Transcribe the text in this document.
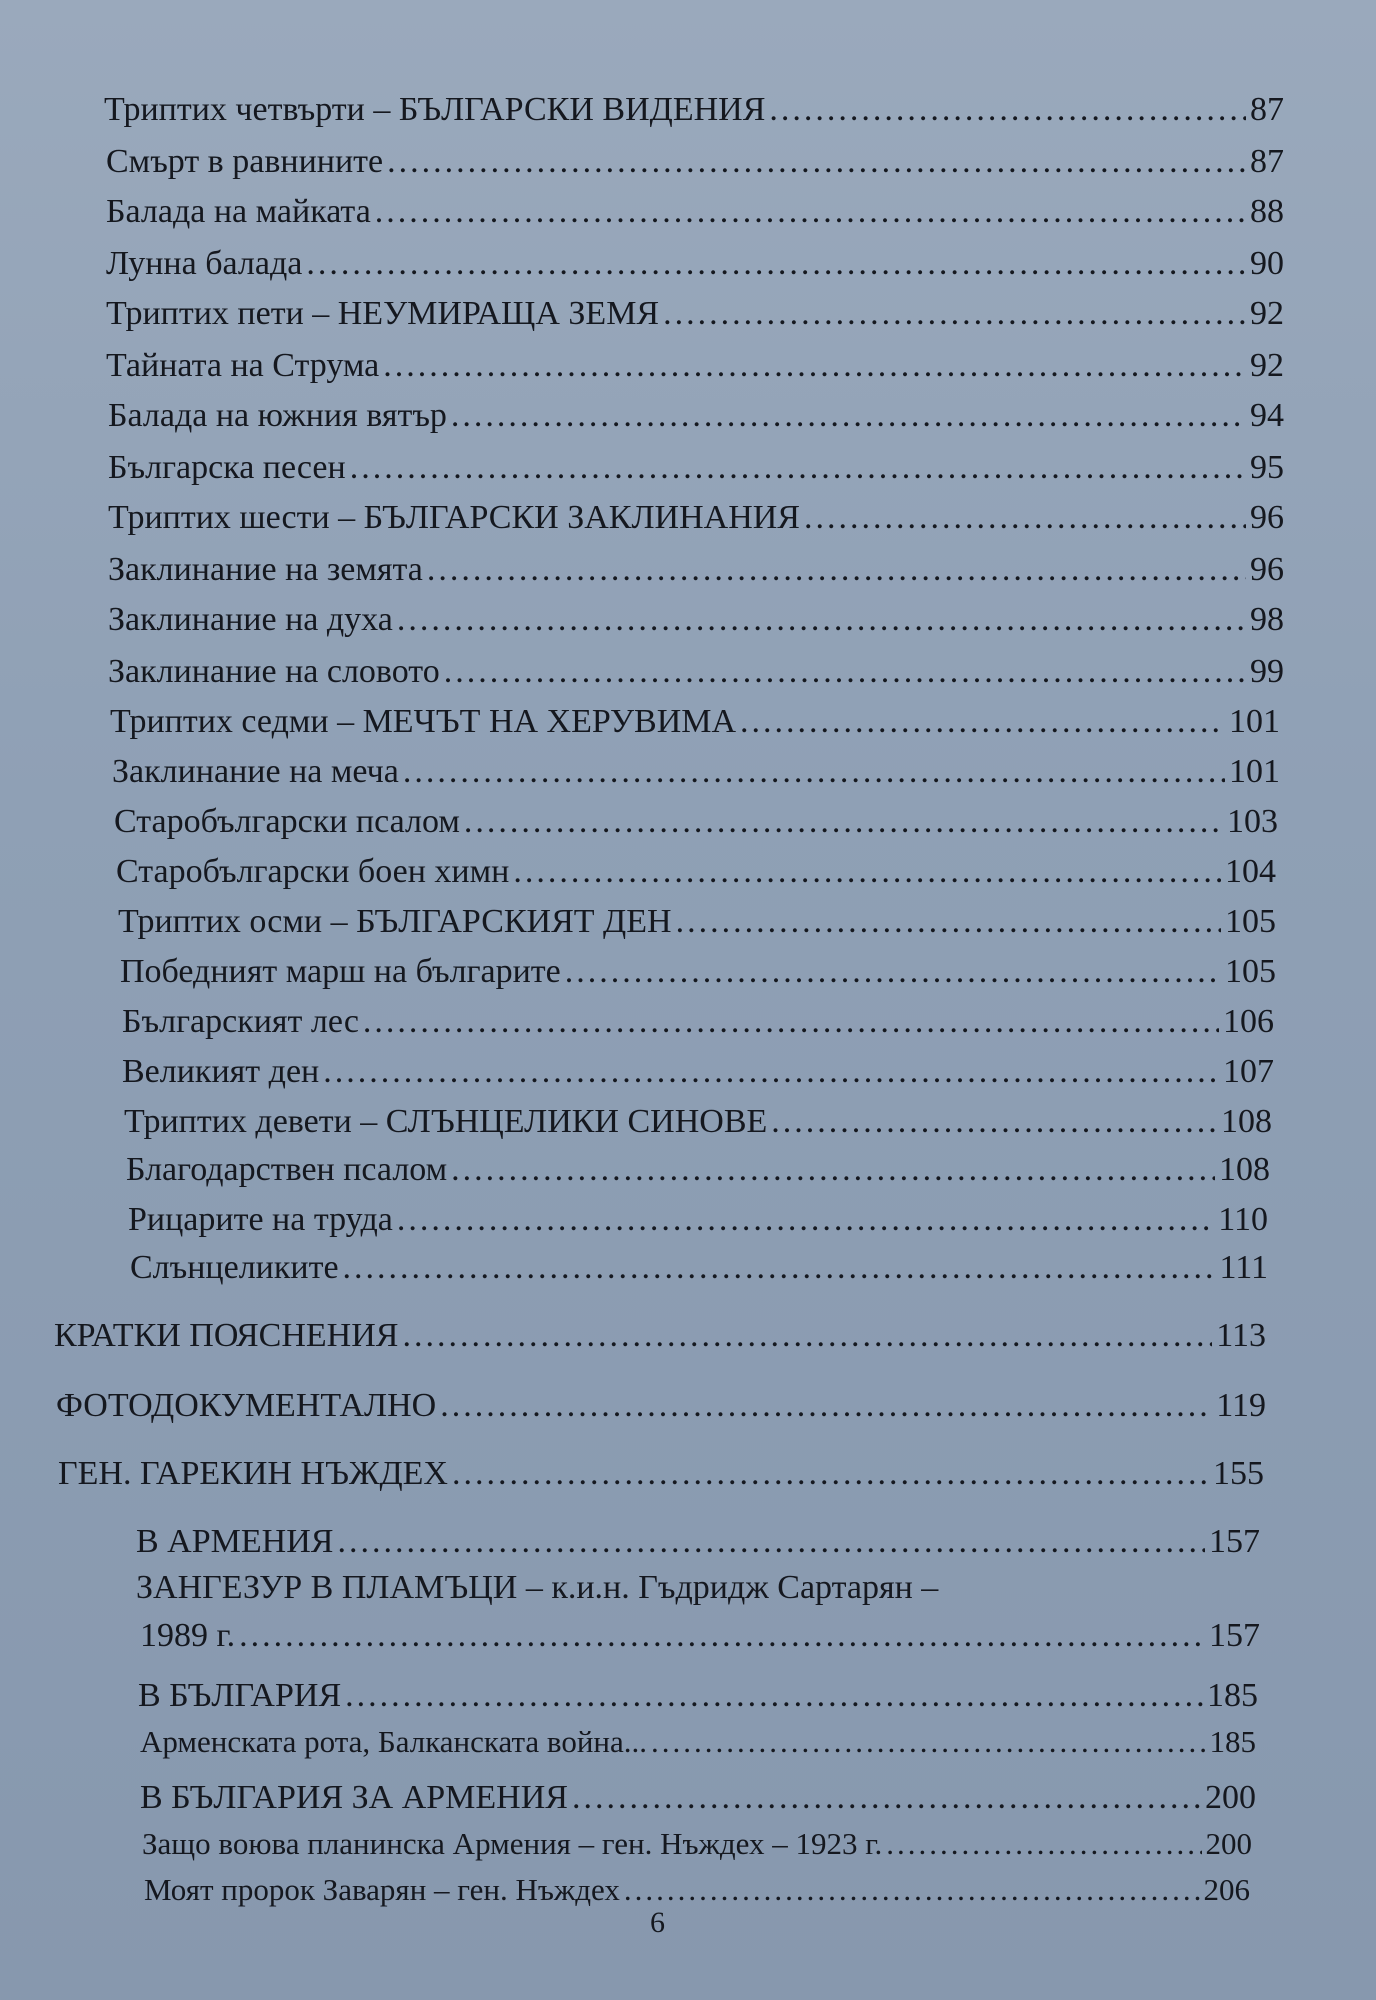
Триптих четвърти – БЪЛГАРСКИ ВИДЕНИЯ .....	87
Смърт в равнините .....	87
Балада на майката .....	88
Лунна балада .....	90
Триптих пети – НЕУМИРАЩА ЗЕМЯ .....	92
Тайната на Струма .....	92
Балада на южния вятър .....	94
Българска песен .....	95
Триптих шести – БЪЛГАРСКИ ЗАКЛИНАНИЯ .....	96
Заклинание на земята .....	96
Заклинание на духа .....	98
Заклинание на словото .....	99
Триптих седми – МЕЧЪТ НА ХЕРУВИМА .....	101
Заклинание на меча .....	101
Старобългарски псалом .....	103
Старобългарски боен химн .....	104
Триптих осми – БЪЛГАРСКИЯТ ДЕН .....	105
Победният марш на българите .....	105
Българският лес .....	106
Великият ден .....	107
Триптих девети – СЛЪНЦЕЛИКИ СИНОВЕ .....	108
Благодарствен псалом .....	108
Рицарите на труда .....	110
Слънцеликите .....	111
КРАТКИ ПОЯСНЕНИЯ .....	113
ФОТОДОКУМЕНТАЛНО .....	119
ГЕН. ГАРЕКИН НЪЖДЕХ .....	155
В АРМЕНИЯ .....	157
ЗАНГЕЗУР В ПЛАМЪЦИ – к.и.н. Гъдридж Сартарян –
1989 г. .....	157
В БЪЛГАРИЯ .....	185
Арменската рота, Балканската война... .....	185
В БЪЛГАРИЯ ЗА АРМЕНИЯ .....	200
Защо воюва планинска Армения – ген. Нъждех – 1923 г. .....	200
Моят пророк Заварян – ген. Нъждех .....	206
6
